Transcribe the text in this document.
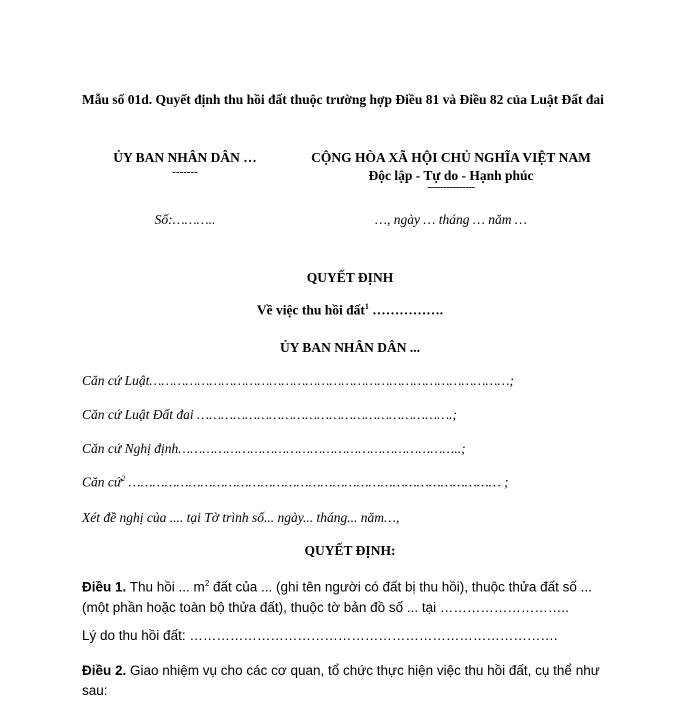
Mẫu số 01d. Quyết định thu hồi đất thuộc trường hợp Điều 81 và Điều 82 của Luật Đất đai
ỦY BAN NHÂN DÂN …
-------
CỘNG HÒA XÃ HỘI CHỦ NGHĨA VIỆT NAM
Độc lập - Tự do - Hạnh phúc
---------------
Số:………..	…, ngày … tháng … năm …
QUYẾT ĐỊNH
Về việc thu hồi đất$^1$ …………….
ỦY BAN NHÂN DÂN ...
Căn cứ Luật………………………………………………………………………………;
Căn cứ Luật Đất đai ……………………………………………………….;
Căn cứ Nghị định……………………………………………………………..;
Căn cứ$^2$ ………………………………………………………………………………… ;
Xét đề nghị của .... tại Tờ trình số... ngày... tháng... năm…,
QUYẾT ĐỊNH:
Điều 1. Thu hồi ... $m^2$ đất của ... (ghi tên người có đất bị thu hồi), thuộc thửa đất số ... (một phần hoặc toàn bộ thửa đất), thuộc tờ bản đồ số ... tại ………………………..
Lý do thu hồi đất: ……………………………………………………………………….
Điều 2. Giao nhiệm vụ cho các cơ quan, tổ chức thực hiện việc thu hồi đất, cụ thể như sau:
